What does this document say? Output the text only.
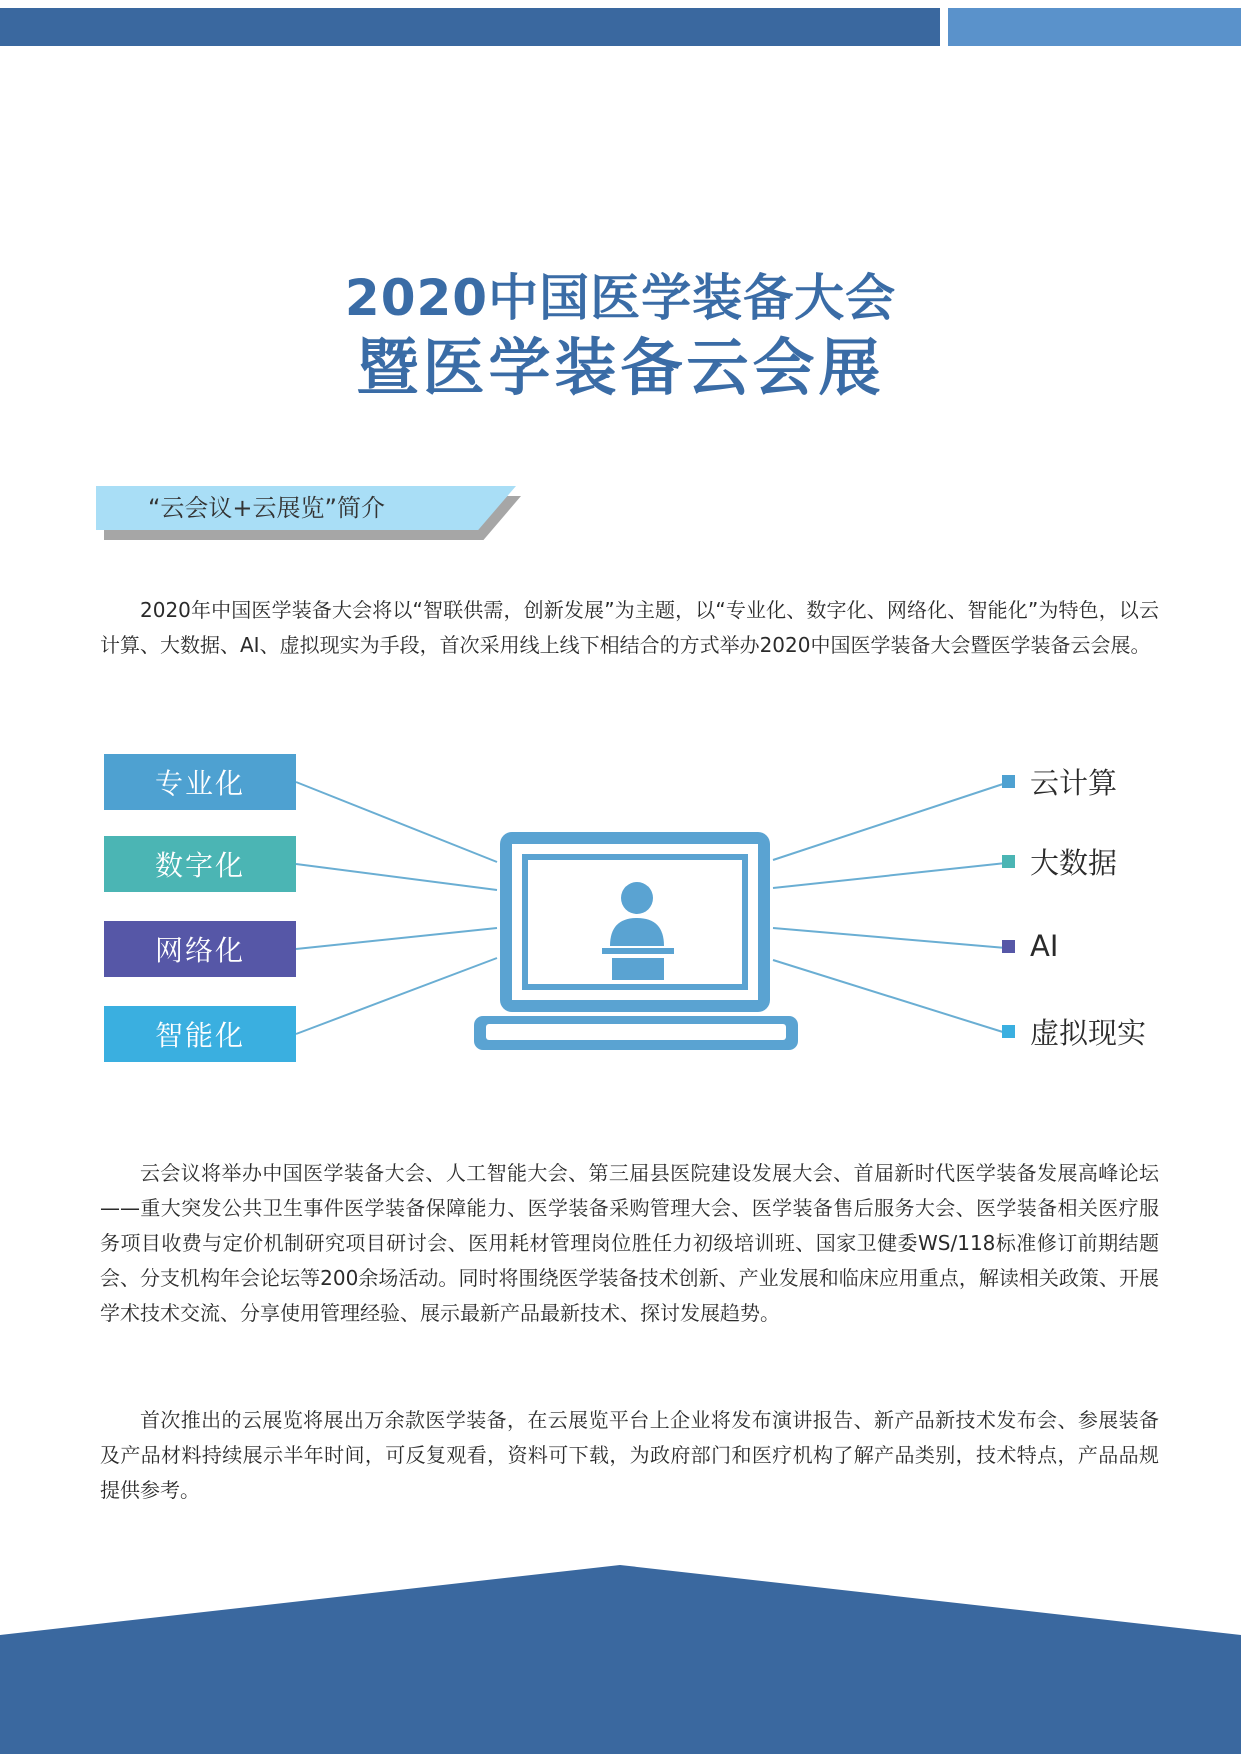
2020中国医学装备大会
暨医学装备云会展
“云会议+云展览”简介

2020年中国医学装备大会将以“智联供需，创新发展”为主题，以“专业化、数字化、网络化、智能化”为特色，以云计算、大数据、AI、虚拟现实为手段，首次采用线上线下相结合的方式举办2020中国医学装备大会暨医学装备云会展。

专业化
数字化
网络化
智能化
云计算
大数据
AI
虚拟现实

云会议将举办中国医学装备大会、人工智能大会、第三届县医院建设发展大会、首届新时代医学装备发展高峰论坛——重大突发公共卫生事件医学装备保障能力、医学装备采购管理大会、医学装备售后服务大会、医学装备相关医疗服务项目收费与定价机制研究项目研讨会、医用耗材管理岗位胜任力初级培训班、国家卫健委WS/118标准修订前期结题会、分支机构年会论坛等200余场活动。同时将围绕医学装备技术创新、产业发展和临床应用重点，解读相关政策、开展学术技术交流、分享使用管理经验、展示最新产品最新技术、探讨发展趋势。

首次推出的云展览将展出万余款医学装备，在云展览平台上企业将发布演讲报告、新产品新技术发布会、参展装备及产品材料持续展示半年时间，可反复观看，资料可下载，为政府部门和医疗机构了解产品类别，技术特点，产品品规提供参考。
